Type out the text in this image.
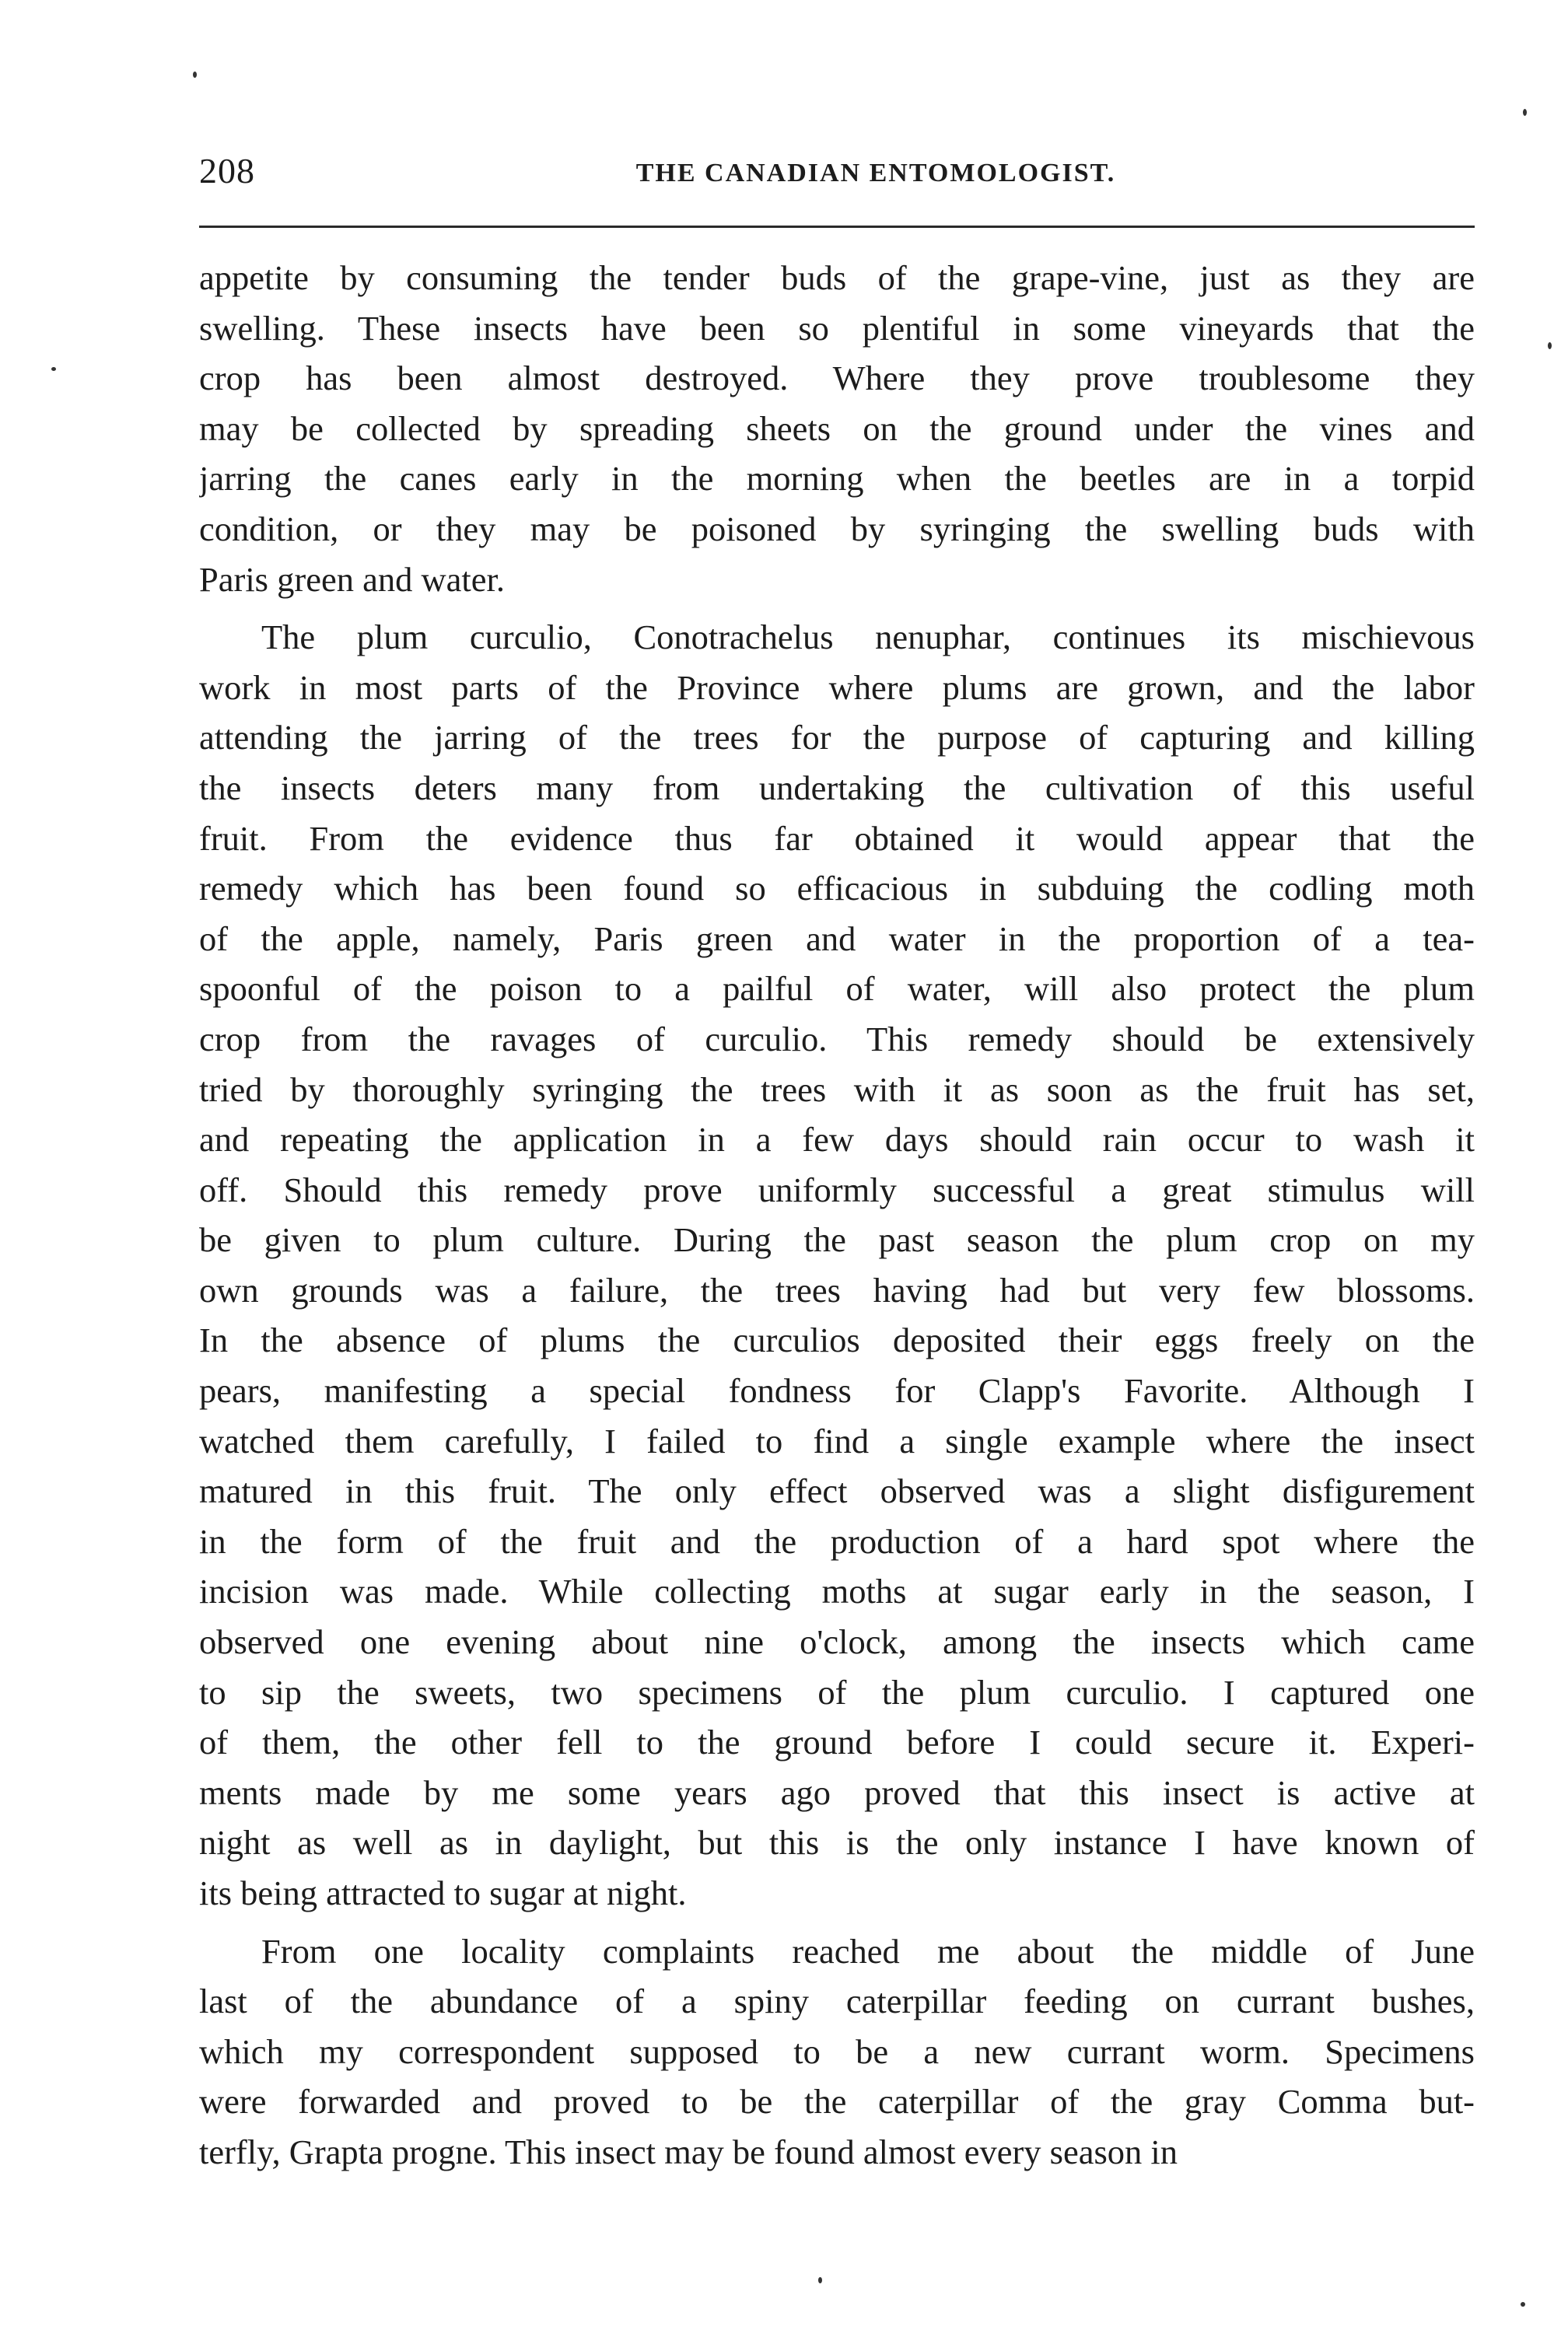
208	THE CANADIAN ENTOMOLOGIST.
appetite by consuming the tender buds of the grape-vine, just as they are
swelling. These insects have been so plentiful in some vineyards that the
crop has been almost destroyed. Where they prove troublesome they
may be collected by spreading sheets on the ground under the vines and
jarring the canes early in the morning when the beetles are in a torpid
condition, or they may be poisoned by syringing the swelling buds with
Paris green and water.
The plum curculio, Conotrachelus nenuphar, continues its mischievous
work in most parts of the Province where plums are grown, and the labor
attending the jarring of the trees for the purpose of capturing and killing
the insects deters many from undertaking the cultivation of this useful
fruit. From the evidence thus far obtained it would appear that the
remedy which has been found so efficacious in subduing the codling moth
of the apple, namely, Paris green and water in the proportion of a tea-
spoonful of the poison to a pailful of water, will also protect the plum
crop from the ravages of curculio. This remedy should be extensively
tried by thoroughly syringing the trees with it as soon as the fruit has set,
and repeating the application in a few days should rain occur to wash it
off. Should this remedy prove uniformly successful a great stimulus will
be given to plum culture. During the past season the plum crop on my
own grounds was a failure, the trees having had but very few blossoms.
In the absence of plums the curculios deposited their eggs freely on the
pears, manifesting a special fondness for Clapp's Favorite. Although I
watched them carefully, I failed to find a single example where the insect
matured in this fruit. The only effect observed was a slight disfigurement
in the form of the fruit and the production of a hard spot where the
incision was made. While collecting moths at sugar early in the season, I
observed one evening about nine o'clock, among the insects which came
to sip the sweets, two specimens of the plum curculio. I captured one
of them, the other fell to the ground before I could secure it. Experi-
ments made by me some years ago proved that this insect is active at
night as well as in daylight, but this is the only instance I have known of
its being attracted to sugar at night.
From one locality complaints reached me about the middle of June
last of the abundance of a spiny caterpillar feeding on currant bushes,
which my correspondent supposed to be a new currant worm. Specimens
were forwarded and proved to be the caterpillar of the gray Comma but-
terfly, Grapta progne. This insect may be found almost every season in
